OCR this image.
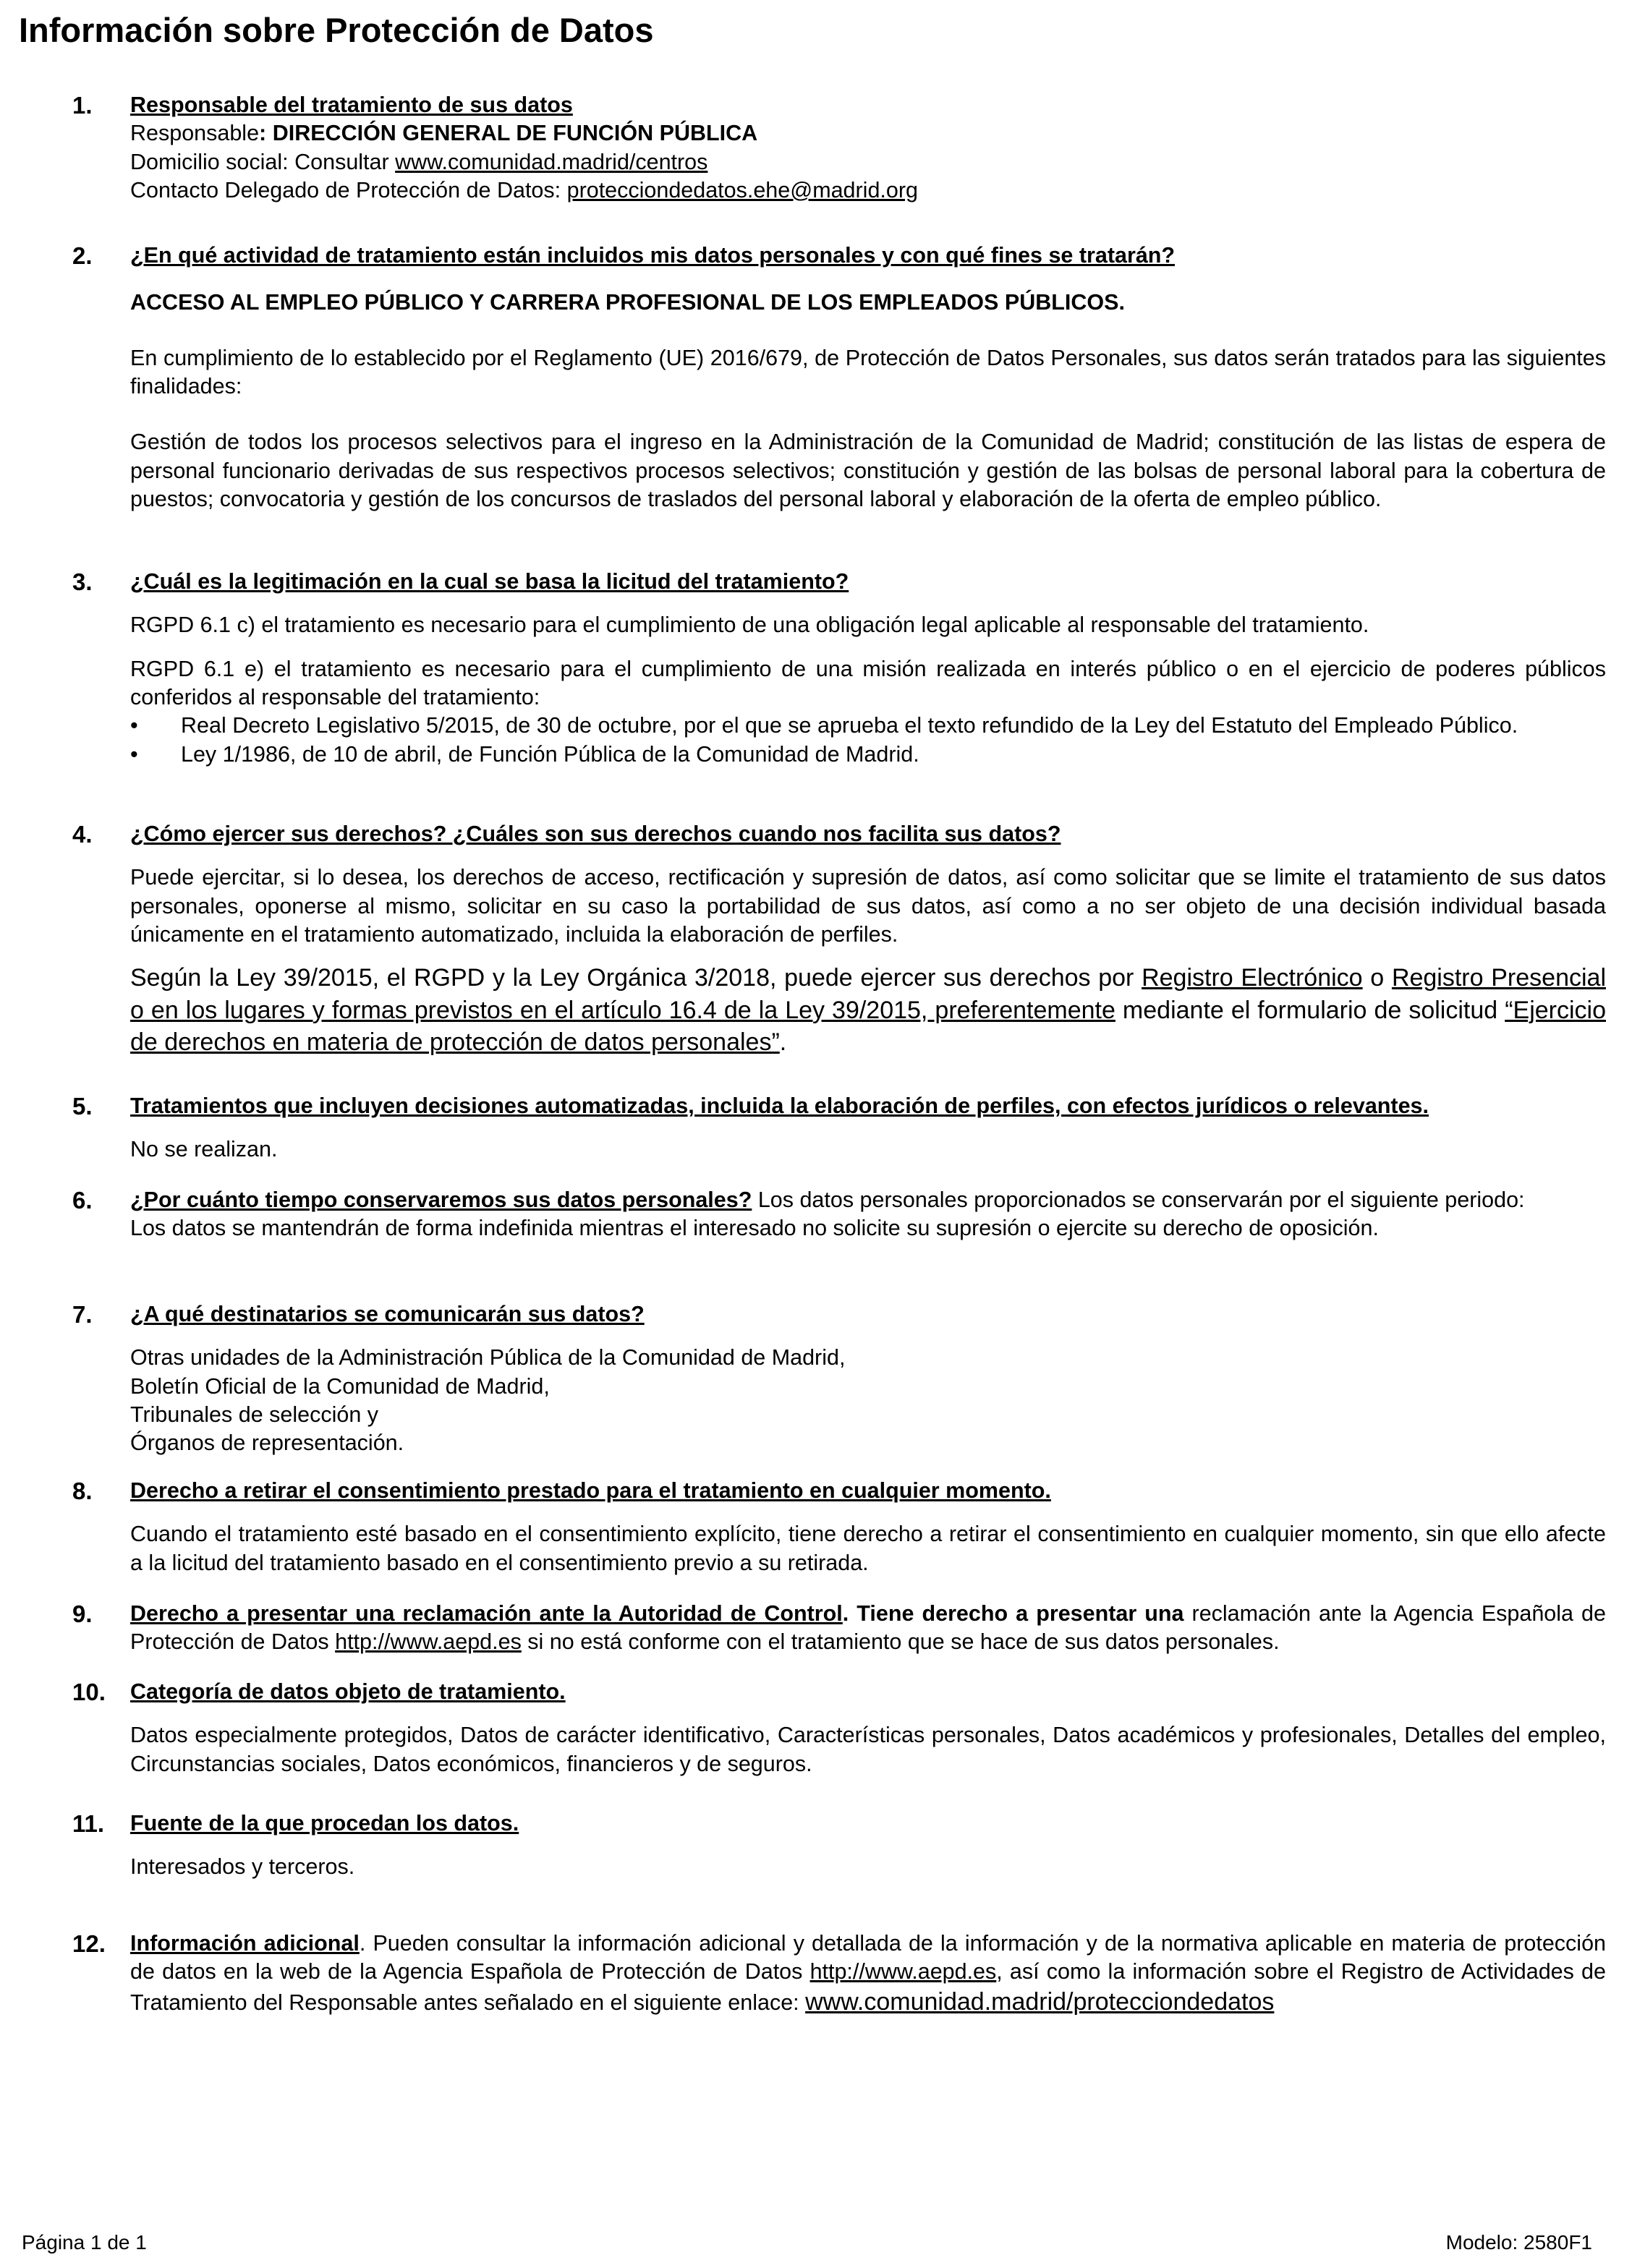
Información sobre Protección de Datos
1. Responsable del tratamiento de sus datos

Responsable: DIRECCIÓN GENERAL DE FUNCIÓN PÚBLICA

Domicilio social: Consultar www.comunidad.madrid/centros

Contacto Delegado de Protección de Datos: protecciondedatos.ehe@madrid.org

2. ¿En qué actividad de tratamiento están incluidos mis datos personales y con qué fines se tratarán?

ACCESO AL EMPLEO PÚBLICO Y CARRERA PROFESIONAL DE LOS EMPLEADOS PÚBLICOS.

En cumplimiento de lo establecido por el Reglamento (UE) 2016/679, de Protección de Datos Personales, sus datos serán tratados para las siguientes finalidades:

Gestión de todos los procesos selectivos para el ingreso en la Administración de la Comunidad de Madrid; constitución de las listas de espera de personal funcionario derivadas de sus respectivos procesos selectivos; constitución y gestión de las bolsas de personal laboral para la cobertura de puestos; convocatoria y gestión de los concursos de traslados del personal laboral y elaboración de la oferta de empleo público.

3. ¿Cuál es la legitimación en la cual se basa la licitud del tratamiento?

RGPD 6.1 c) el tratamiento es necesario para el cumplimiento de una obligación legal aplicable al responsable del tratamiento.

RGPD 6.1 e) el tratamiento es necesario para el cumplimiento de una misión realizada en interés público o en el ejercicio de poderes públicos conferidos al responsable del tratamiento:

• Real Decreto Legislativo 5/2015, de 30 de octubre, por el que se aprueba el texto refundido de la Ley del Estatuto del Empleado Público.
• Ley 1/1986, de 10 de abril, de Función Pública de la Comunidad de Madrid.
4. ¿Cómo ejercer sus derechos? ¿Cuáles son sus derechos cuando nos facilita sus datos?

Puede ejercitar, si lo desea, los derechos de acceso, rectificación y supresión de datos, así como solicitar que se limite el tratamiento de sus datos personales, oponerse al mismo, solicitar en su caso la portabilidad de sus datos, así como a no ser objeto de una decisión individual basada únicamente en el tratamiento automatizado, incluida la elaboración de perfiles.

Según la Ley 39/2015, el RGPD y la Ley Orgánica 3/2018, puede ejercer sus derechos por Registro Electrónico o Registro Presencial o en los lugares y formas previstos en el artículo 16.4 de la Ley 39/2015, preferentemente mediante el formulario de solicitud “Ejercicio de derechos en materia de protección de datos personales”.

5. Tratamientos que incluyen decisiones automatizadas, incluida la elaboración de perfiles, con efectos jurídicos o relevantes.

No se realizan.

6. ¿Por cuánto tiempo conservaremos sus datos personales? Los datos personales proporcionados se conservarán por el siguiente periodo:

Los datos se mantendrán de forma indefinida mientras el interesado no solicite su supresión o ejercite su derecho de oposición.

7. ¿A qué destinatarios se comunicarán sus datos?

Otras unidades de la Administración Pública de la Comunidad de Madrid,

Boletín Oficial de la Comunidad de Madrid,

Tribunales de selección y

Órganos de representación.

8. Derecho a retirar el consentimiento prestado para el tratamiento en cualquier momento.

Cuando el tratamiento esté basado en el consentimiento explícito, tiene derecho a retirar el consentimiento en cualquier momento, sin que ello afecte a la licitud del tratamiento basado en el consentimiento previo a su retirada.

9. Derecho a presentar una reclamación ante la Autoridad de Control. Tiene derecho a presentar una reclamación ante la Agencia Española de Protección de Datos http://www.aepd.es si no está conforme con el tratamiento que se hace de sus datos personales.

10. Categoría de datos objeto de tratamiento.

Datos especialmente protegidos, Datos de carácter identificativo, Características personales, Datos académicos y profesionales, Detalles del empleo, Circunstancias sociales, Datos económicos, financieros y de seguros.

11. Fuente de la que procedan los datos.

Interesados y terceros.

12. Información adicional. Pueden consultar la información adicional y detallada de la información y de la normativa aplicable en materia de protección de datos en la web de la Agencia Española de Protección de Datos http://www.aepd.es, así como la información sobre el Registro de Actividades de Tratamiento del Responsable antes señalado en el siguiente enlace: www.comunidad.madrid/protecciondedatos

Página 1 de 1	Modelo: 2580F1
